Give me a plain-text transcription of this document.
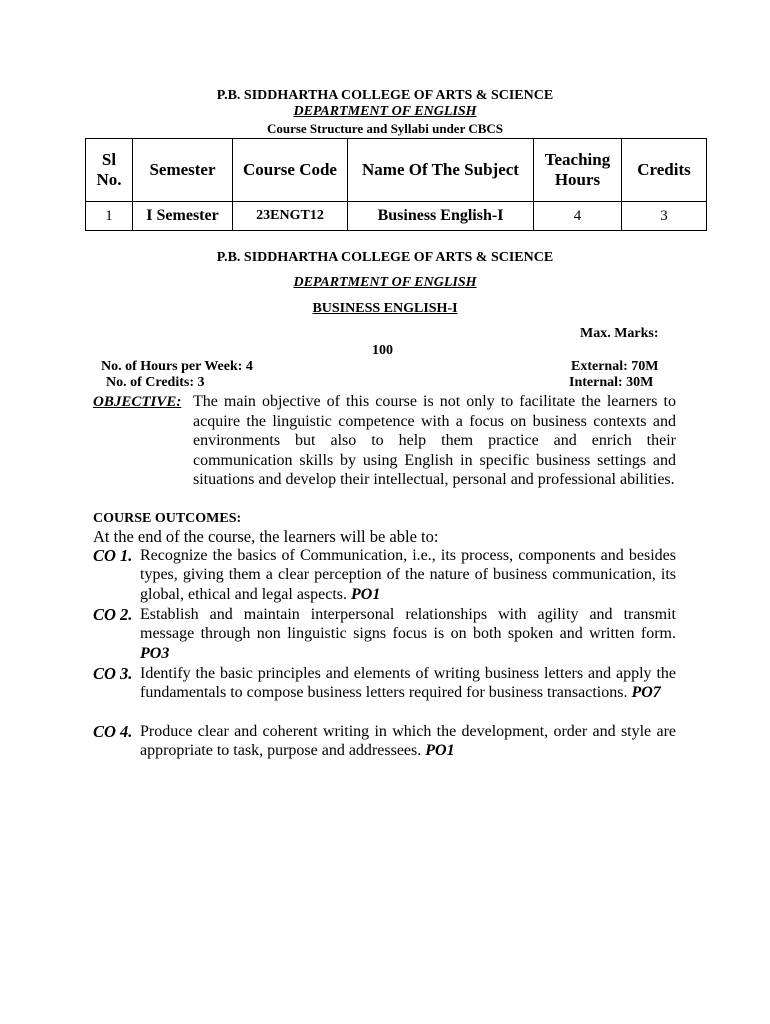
P.B. SIDDHARTHA COLLEGE OF ARTS & SCIENCE
DEPARTMENT OF ENGLISH
Course Structure and Syllabi under CBCS
Sl
No.	Semester	Course Code	Name Of The Subject	Teaching
Hours	Credits
1	I Semester	23ENGT12	Business English-I	4	3
P.B. SIDDHARTHA COLLEGE OF ARTS & SCIENCE
DEPARTMENT OF ENGLISH
BUSINESS ENGLISH-I
Max. Marks:
100
No. of Hours per Week: 4
No. of Credits: 3
External: 70M
Internal: 30M
OBJECTIVE: The main objective of this course is not only to facilitate the learners to acquire the linguistic competence with a focus on business contexts and environments but also to help them practice and enrich their communication skills by using English in specific business settings and situations and develop their intellectual, personal and professional abilities.
COURSE OUTCOMES:
At the end of the course, the learners will be able to:
CO 1. Recognize the basics of Communication, i.e., its process, components and besides types, giving them a clear perception of the nature of business communication, its global, ethical and legal aspects. PO1
CO 2. Establish and maintain interpersonal relationships with agility and transmit message through non linguistic signs focus is on both spoken and written form. PO3
CO 3. Identify the basic principles and elements of writing business letters and apply the fundamentals to compose business letters required for business transactions. PO7
CO 4. Produce clear and coherent writing in which the development, order and style are appropriate to task, purpose and addressees. PO1
